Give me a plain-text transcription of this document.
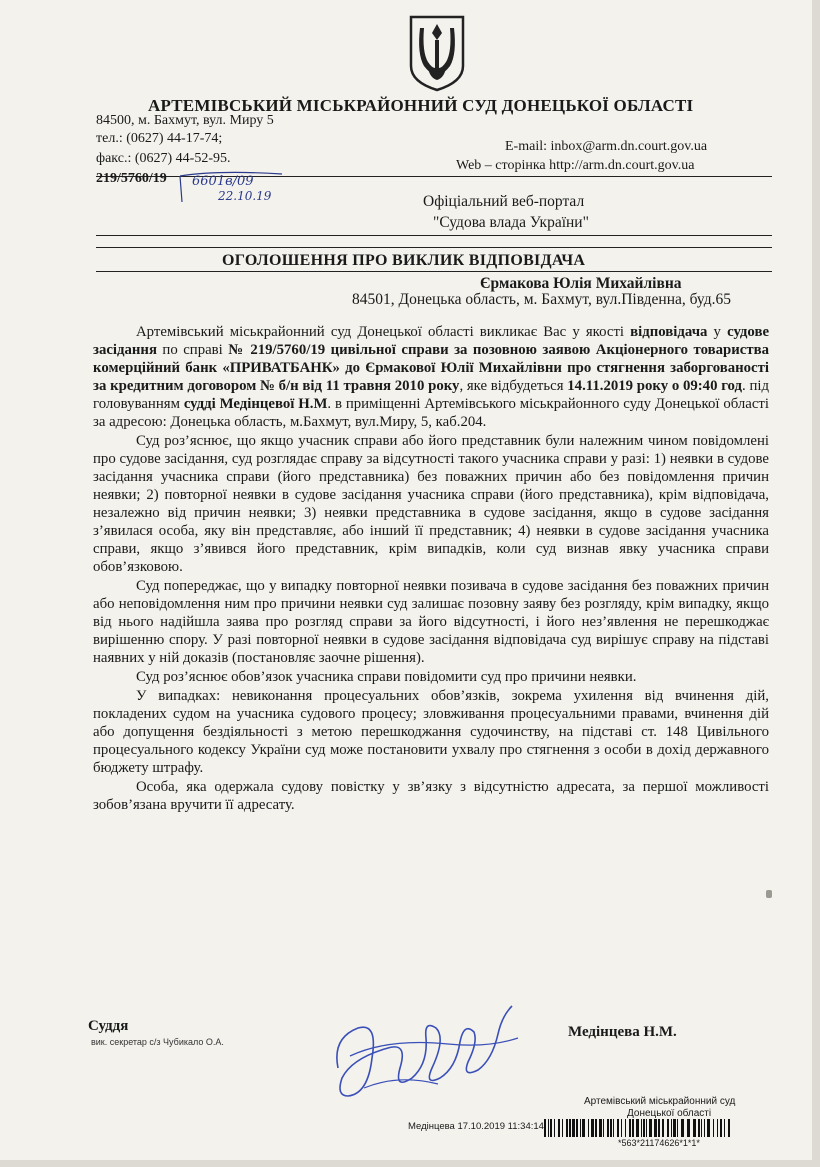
АРТЕМІВСЬКИЙ МІСЬКРАЙОННИЙ СУД ДОНЕЦЬКОЇ ОБЛАСТІ
84500, м. Бахмут, вул. Миру 5
тел.: (0627) 44-17-74;
E-mail: inbox@arm.dn.court.gov.ua
факс.: (0627) 44-52-95.	Web – сторінка http://arm.dn.court.gov.ua
219/5760/19 6601в/09
22.10.19	Офіціальний веб-портал
"Судова влада України"
ОГОЛОШЕННЯ ПРО ВИКЛИК ВІДПОВІДАЧА
Єрмакова Юлія Михайлівна
84501, Донецька область, м. Бахмут, вул.Південна, буд.65

Артемівський міськрайонний суд Донецької області викликає Вас у якості відповідача у судове засідання по справі № 219/5760/19 цивільної справи за позовною заявою Акціонерного товариства комерційний банк «ПРИВАТБАНК» до Єрмакової Юлії Михайлівни про стягнення заборгованості за кредитним договором № б/н від 11 травня 2010 року, яке відбудеться 14.11.2019 року о 09:40 год. під головуванням судді Медінцевої Н.М. в приміщенні Артемівського міськрайонного суду Донецької області за адресою: Донецька область, м.Бахмут, вул.Миру, 5, каб.204.

Суд роз’яснює, що якщо учасник справи або його представник були належним чином повідомлені про судове засідання, суд розглядає справу за відсутності такого учасника справи у разі: 1) неявки в судове засідання учасника справи (його представника) без поважних причин або без повідомлення причин неявки; 2) повторної неявки в судове засідання учасника справи (його представника), крім відповідача, незалежно від причин неявки; 3) неявки представника в судове засідання, якщо в судове засідання з’явилася особа, яку він представляє, або інший її представник; 4) неявки в судове засідання учасника справи, якщо з’явився його представник, крім випадків, коли суд визнав явку учасника справи обов’язковою.

Суд попереджає, що у випадку повторної неявки позивача в судове засідання без поважних причин або неповідомлення ним про причини неявки суд залишає позовну заяву без розгляду, крім випадку, якщо від нього надійшла заява про розгляд справи за його відсутності, і його нез’явлення не перешкоджає вирішенню спору. У разі повторної неявки в судове засідання відповідача суд вирішує справу на підставі наявних у ній доказів (постановляє заочне рішення).

Суд роз’яснює обов’язок учасника справи повідомити суд про причини неявки.

У випадках: невиконання процесуальних обов’язків, зокрема ухилення від вчинення дій, покладених судом на учасника судового процесу; зловживання процесуальними правами, вчинення дій або допущення бездіяльності з метою перешкоджання судочинству, на підставі ст. 148 Цивільного процесуального кодексу України суд може постановити ухвалу про стягнення з особи в дохід державного бюджету штрафу.

Особа, яка одержала судову повістку у зв’язку з відсутністю адресата, за першої можливості зобов’язана вручити її адресату.

Суддя
вик. секретар с/з Чубикало О.А.
Медінцева Н.М.
Артемівський міськрайонний суд
Донецької області
Медінцева 17.10.2019 11:34:14
*563*21174626*1*1*
